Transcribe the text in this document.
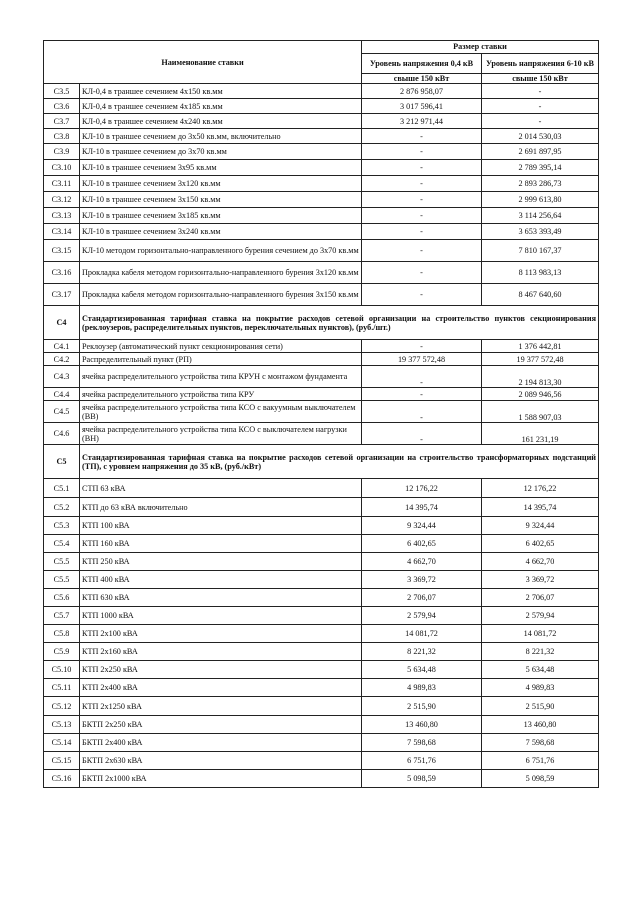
Наименование ставки		Размер ставки	
		Уровень напряжения 0,4 кВ	Уровень напряжения 6-10 кВ
		свыше 150 кВт	свыше 150 кВт
С3.5	КЛ-0,4 в траншее сечением 4х150 кв.мм	2 876 958,07	-
С3.6	КЛ-0,4 в траншее сечением 4х185 кв.мм	3 017 596,41	-
С3.7	КЛ-0,4 в траншее сечением 4х240 кв.мм	3 212 971,44	-
С3.8	КЛ-10 в траншее сечением до 3х50 кв.мм, включительно	-	2 014 530,03
С3.9	КЛ-10 в траншее сечением до 3х70 кв.мм	-	2 691 897,95
С3.10	КЛ-10 в траншее сечением 3х95 кв.мм	-	2 789 395,14
С3.11	КЛ-10 в траншее сечением 3х120 кв.мм	-	2 893 286,73
С3.12	КЛ-10 в траншее сечением 3х150 кв.мм	-	2 999 613,80
С3.13	КЛ-10 в траншее сечением 3х185 кв.мм	-	3 114 256,64
С3.14	КЛ-10 в траншее сечением 3х240 кв.мм	-	3 653 393,49
С3.15	КЛ-10 методом горизонтально-направленного бурения сечением до 3х70 кв.мм	-	7 810 167,37
С3.16	Прокладка кабеля методом горизонтально-направленного бурения 3х120 кв.мм	-	8 113 983,13
С3.17	Прокладка кабеля методом горизонтально-направленного бурения 3х150 кв.мм	-	8 467 640,60
С4	Стандартизированная тарифная ставка на покрытие расходов сетевой организации на строительство пунктов секционирования (реклоузеров, распределительных пунктов, переключательных пунктов), (руб./шт.)		
С4.1	Реклоузер (автоматический пункт секционирования сети)	-	1 376 442,81
С4.2	Распределительный пункт (РП)	19 377 572,48	19 377 572,48
С4.3	ячейка распределительного устройства типа КРУН с монтажом фундамента	-	2 194 813,30
С4.4	ячейка распределительного устройства типа КРУ	-	2 089 946,56
С4.5	ячейка распределительного устройства типа КСО с вакуумным выключателем (ВВ)	-	1 588 907,03
С4.6	ячейка распределительного устройства типа КСО с выключателем нагрузки (ВН)	-	161 231,19
С5	Стандартизированная тарифная ставка на покрытие расходов сетевой организации на строительство трансформаторных подстанций (ТП), с уровнем напряжения до 35 кВ, (руб./кВт)		
С5.1	СТП 63 кВА	12 176,22	12 176,22
С5.2	КТП до 63 кВА включительно	14 395,74	14 395,74
С5.3	КТП 100 кВА	9 324,44	9 324,44
С5.4	КТП 160 кВА	6 402,65	6 402,65
С5.5	КТП 250 кВА	4 662,70	4 662,70
С5.5	КТП 400 кВА	3 369,72	3 369,72
С5.6	КТП 630 кВА	2 706,07	2 706,07
С5.7	КТП 1000 кВА	2 579,94	2 579,94
С5.8	КТП 2х100 кВА	14 081,72	14 081,72
С5.9	КТП 2х160 кВА	8 221,32	8 221,32
С5.10	КТП 2х250 кВА	5 634,48	5 634,48
С5.11	КТП 2х400 кВА	4 989,83	4 989,83
С5.12	КТП 2х1250 кВА	2 515,90	2 515,90
С5.13	БКТП 2х250 кВА	13 460,80	13 460,80
С5.14	БКТП 2х400 кВА	7 598,68	7 598,68
С5.15	БКТП 2х630 кВА	6 751,76	6 751,76
С5.16	БКТП 2х1000 кВА	5 098,59	5 098,59
